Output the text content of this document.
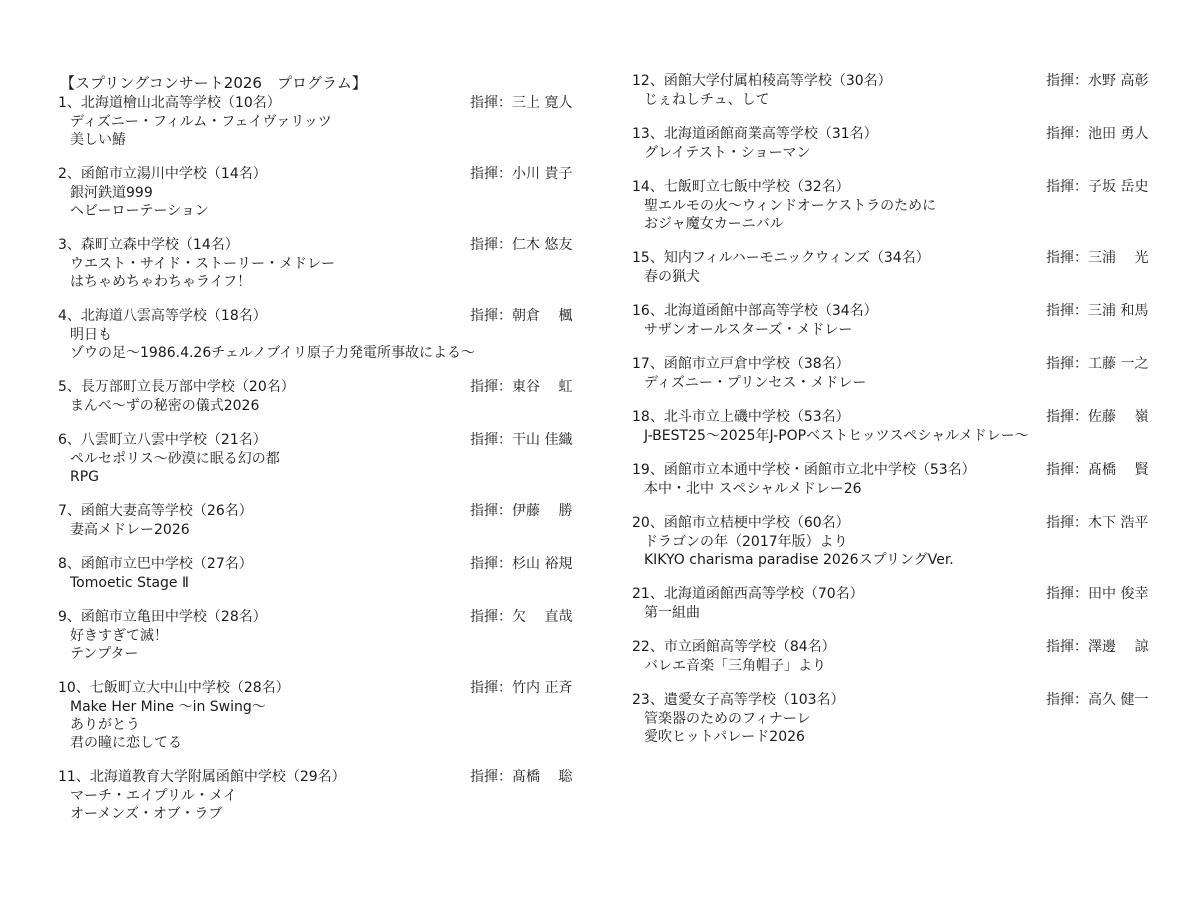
【スプリングコンサート2026　プログラム】
1、北海道檜山北高等学校（10名）	指揮：三上 寛人
ディズニー・フィルム・フェイヴァリッツ
美しい鰆
2、函館市立湯川中学校（14名）	指揮：小川 貴子
銀河鉄道999
ヘビーローテーション
3、森町立森中学校（14名）	指揮：仁木 悠友
ウエスト・サイド・ストーリー・メドレー
はちゃめちゃわちゃライフ！
4、北海道八雲高等学校（18名）	指揮：朝倉　 楓
明日も
ゾウの足～1986.4.26チェルノブイリ原子力発電所事故による～
5、長万部町立長万部中学校（20名）	指揮：東谷　 虹
まんべ～ずの秘密の儀式2026
6、八雲町立八雲中学校（21名）	指揮：干山 佳織
ペルセポリス～砂漠に眠る幻の都
RPG
7、函館大妻高等学校（26名）	指揮：伊藤　 勝
妻高メドレー2026
8、函館市立巴中学校（27名）	指揮：杉山 裕規
Tomoetic Stage Ⅱ
9、函館市立亀田中学校（28名）	指揮：欠　 直哉
好きすぎて滅！
テンプター
10、七飯町立大中山中学校（28名）	指揮：竹内 正斉
Make Her Mine ～in Swing～
ありがとう
君の瞳に恋してる
11、北海道教育大学附属函館中学校（29名）	指揮：髙橋　 聡
マーチ・エイプリル・メイ
オーメンズ・オブ・ラブ
12、函館大学付属柏稜高等学校（30名）	指揮：水野 高彰
じぇねしチュ、して
13、北海道函館商業高等学校（31名）	指揮：池田 勇人
グレイテスト・ショーマン
14、七飯町立七飯中学校（32名）	指揮：子坂 岳史
聖エルモの火～ウィンドオーケストラのために
おジャ魔女カーニバル
15、知内フィルハーモニックウィンズ（34名）	指揮：三浦　 光
春の猟犬
16、北海道函館中部高等学校（34名）	指揮：三浦 和馬
サザンオールスターズ・メドレー
17、函館市立戸倉中学校（38名）	指揮：工藤 一之
ディズニー・プリンセス・メドレー
18、北斗市立上磯中学校（53名）	指揮：佐藤　 嶺
J-BEST25～2025年J-POPベストヒッツスペシャルメドレー～
19、函館市立本通中学校・函館市立北中学校（53名）	指揮：髙橋　 賢
本中・北中 スペシャルメドレー26
20、函館市立桔梗中学校（60名）	指揮：木下 浩平
ドラゴンの年（2017年版）より
KIKYO charisma paradise 2026スプリングVer.
21、北海道函館西高等学校（70名）	指揮：田中 俊幸
第一組曲
22、市立函館高等学校（84名）	指揮：澤邊　 諒
バレエ音楽「三角帽子」より
23、遺愛女子高等学校（103名）	指揮：高久 健一
管楽器のためのフィナーレ
愛吹ヒットパレード2026
